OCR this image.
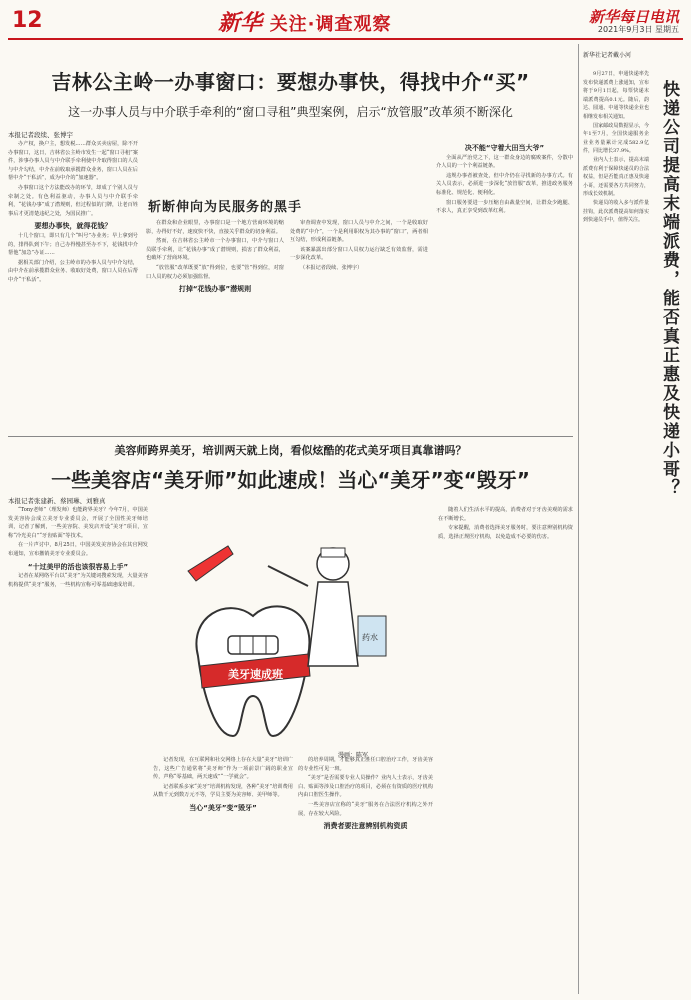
12	新华 关注·调查观察	新华每日电讯
2021年9月3日 星期五
吉林公主岭一办事窗口：要想办事快，得找中介“买”
这一办事人员与中介联手牵利的“窗口寻租”典型案例，启示“放管服”改革须不断深化
本报记者段续、张博宇

办产权，换户主，想发税……群众买卖房屋，除不开办事窗口，这日，吉林省公主岭市发生一起“窗口寻租”案件，涉事办事人员与中介联手牵利使中介取得窗口的人员与中介勾结，中介在前收取承揽群众业务，窗口人员在后帮中介“干私活”，成为中介的“加速器”。

办事窗口这个方法能改办的环节，却成了个别人员与牵制之处。有色利益驱动，办事人员与中介联手牵利，“花钱办事”成了潜规则，但过程似的门牌，让老百姓事后才更清楚违纪之处，为国民推广。

要想办事快，就得花钱？

十几个窗口，即只有几个“叫号”办业务；早上拿到号的，排得队到下午；自己办得慢甚至办不下，花钱找中介帮他“加急”办证……

据相关部门介绍，公主岭市的办事人员与中介勾结，由中介在前承揽群众业务、收取好处费，窗口人员在后帮中介“干私活”。

斩断伸向为民服务的黑手

在群众和企业眼里，办事窗口是一个地方营商环境的缩影，办得好不好，速度快不快，直接关乎群众的切身利益。

然而，在吉林省公主岭市一个办事窗口，中介与窗口人员联手牵利，让“花钱办事”成了潜规则，损害了群众利益，也破坏了营商环境。

“放管服”改革既要“放”得到位，也要“管”得到位，对窗口人员的权力必须加强监督。

打掉“花钱办事”潜规则

审查调查中发现，窗口人员与中介之间，一个是收取好处费的“中介”，一个是利用职权为其办事的“窗口”，两者相互勾结，形成利益链条。

该案暴露出部分窗口人员权力运行缺乏有效监督，需进一步深化改革。

（本报记者段续、张博宇）

决不能“守着大田当大爷”

全面从严治党之下，这一群众身边的腐败案件，分散中介人员的一个个利益链条。

违规办事者被查处，但中介仍在寻找新的办事方式。有关人员表示，必须进一步深化“放管服”改革，推进政务服务标准化、规范化、便利化。

窗口服务要进一步压缩自由裁量空间，让群众少跑腿、不求人，真正享受到改革红利。

美容师跨界美牙，培训两天就上岗，看似炫酷的花式美牙项目真靠谱吗？
一些美容店“美牙师”如此速成！当心“美牙”变“毁牙”
本报记者张建新、蔡园琳、刘雅真

“Tony老师”（理发师）也能跨界美牙？今年7月，中国美发美容协会成立美牙专业委员会，开展了全国性美牙师培训，记者了解到，一些美容院、美发店开设“美牙”项目，宣称“冷光美白”“牙齿贴面”等技术。

在一片声讨中，8月25日，中国美发美容协会在其官网发布通知，宣布撤销美牙专业委员会。

“十过美甲的活也该很容易上手”

记者在某网络平台以“美牙”为关键词搜索发现，大量美容机构提供“美牙”服务，一些机构宣称可零基础速成培训。

美牙速成班
药水
漫画：陈军

记者发现，在互联网和社交网络上存在大量“美牙”培训广告，这些广告通常将“美牙师”作为一项前景广阔的职业宣传，声称“零基础，两天速成”“一学就会”。

记者联系多家“美牙”培训机构发现，各种“美牙”培训费用从数千元到数万元不等，学员主要为美容师、美甲师等。

当心“美牙”变“毁牙”

的培养周期，才能够真正胜任口腔治疗工作，牙齿美容的专业性可见一斑。

“美牙”是否需要专业人员操作？业内人士表示，牙齿美白、贴面等涉及口腔治疗的项目，必须在有资质的医疗机构内由口腔医生操作。

一些美容店宣称的“美牙”服务在合法医疗机构之外开展，存在较大风险。

消费者要注意辨别机构资质

随着人们生活水平的提高，消费者对于牙齿美观的需求在不断增长。

专家提醒，消费者选择美牙服务时，要注意辨别机构资质，选择正规医疗机构，以免造成不必要的伤害。

新华社记者戴小河
快递公司提高末端派费，能否真正惠及快递小哥？

9月27日，申通快递率先发布快递派费上涨通知，宣布将于9月1日起，每票快递末端派费提高0.1元。随后，韵达、圆通、中通等快递企业也相继发布相关通知。

国家邮政局数据显示，今年1至7月，全国快递服务企业业务量累计完成582.9亿件，同比增长37.9%。

业内人士表示，提高末端派费有利于保障快递员的合法权益，但是否能真正惠及快递小哥，还需要各方共同努力，形成长效机制。

快递员的收入多与派件量挂钩，此次派费提高如何落实到快递员手中，值得关注。
